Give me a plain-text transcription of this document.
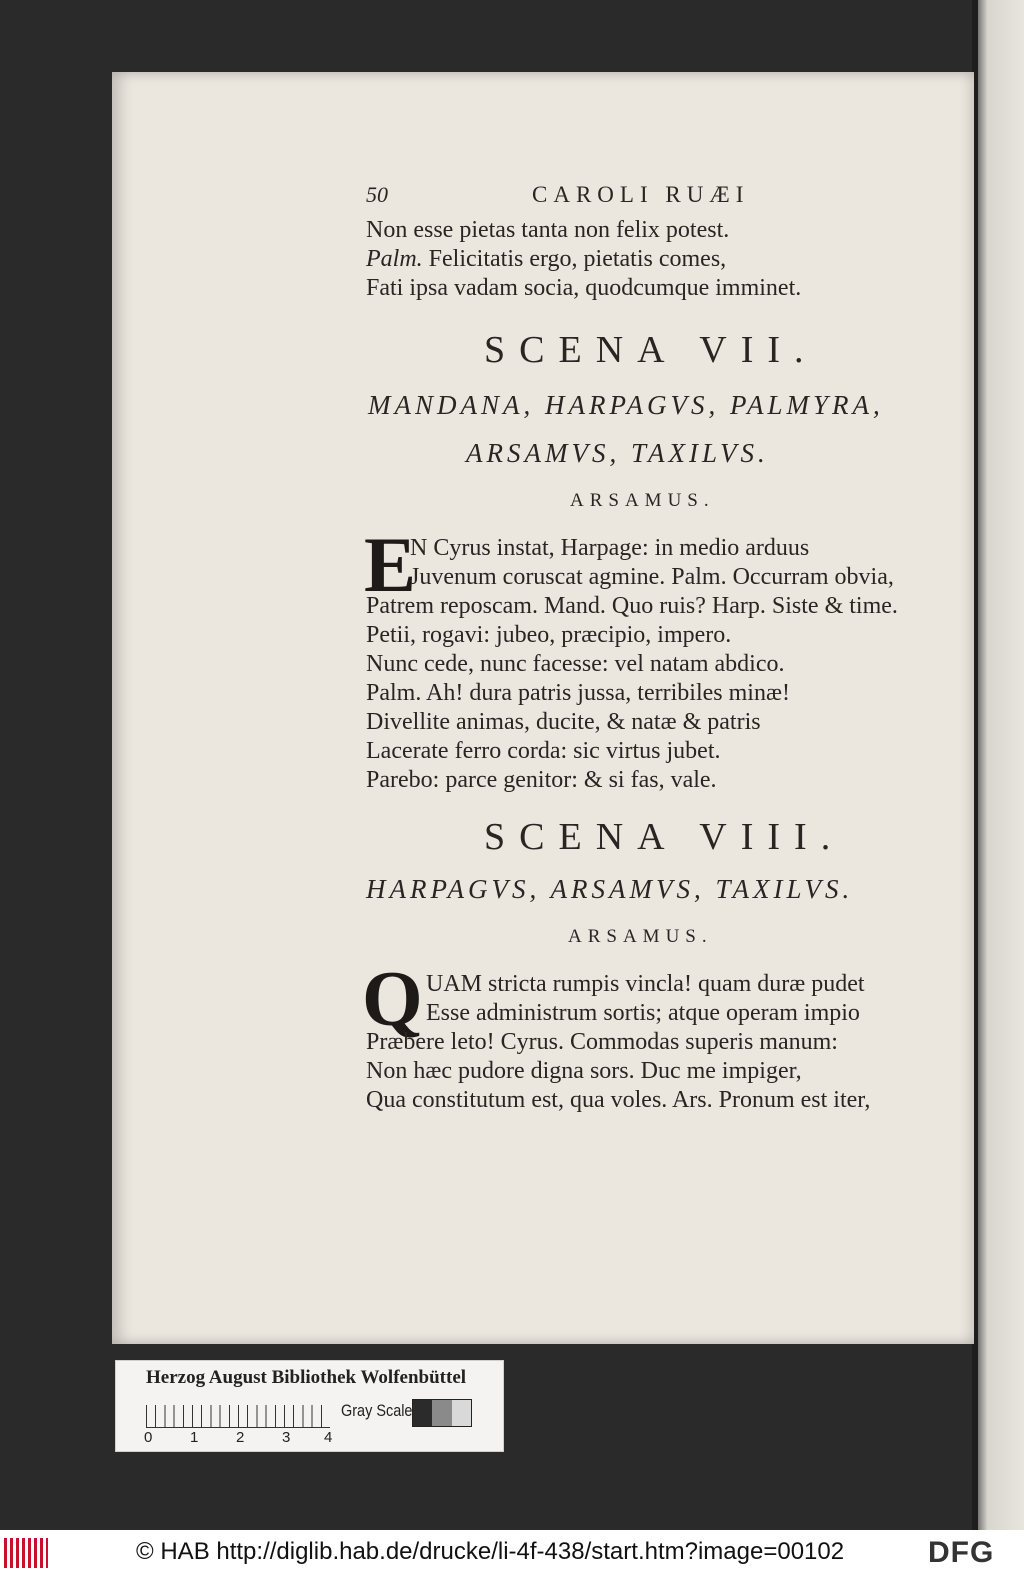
50	CAROLI RUÆI
Non esse pietas tanta non felix potest.
Palm. Felicitatis ergo, pietatis comes,
Fati ipsa vadam socia, quodcumque imminet.
SCENA VII.
MANDANA, HARPAGVS, PALMYRA,
ARSAMVS, TAXILVS.
ARSAMUS.
E
N Cyrus instat, Harpage: in medio arduus
Juvenum coruscat agmine. Palm. Occurram obvia,
Patrem reposcam. Mand. Quo ruis? Harp. Siste & time.
Petii, rogavi: jubeo, præcipio, impero.
Nunc cede, nunc facesse: vel natam abdico.
Palm. Ah! dura patris jussa, terribiles minæ!
Divellite animas, ducite, & natæ & patris
Lacerate ferro corda: sic virtus jubet.
Parebo: parce genitor: & si fas, vale.
SCENA VIII.
HARPAGVS, ARSAMVS, TAXILVS.
ARSAMUS.
Q UAM stricta rumpis vincla! quam duræ pudet
Esse administrum sortis; atque operam impio
Præbere leto! Cyrus. Commodas superis manum:
Non hæc pudore digna sors. Duc me impiger,
Qua constitutum est, qua voles. Ars. Pronum est iter,
Herzog August Bibliothek Wolfenbüttel
0	1	2	3 4
Gray Scale
© HAB http://diglib.hab.de/drucke/li-4f-438/start.htm?image=00102	DFG
